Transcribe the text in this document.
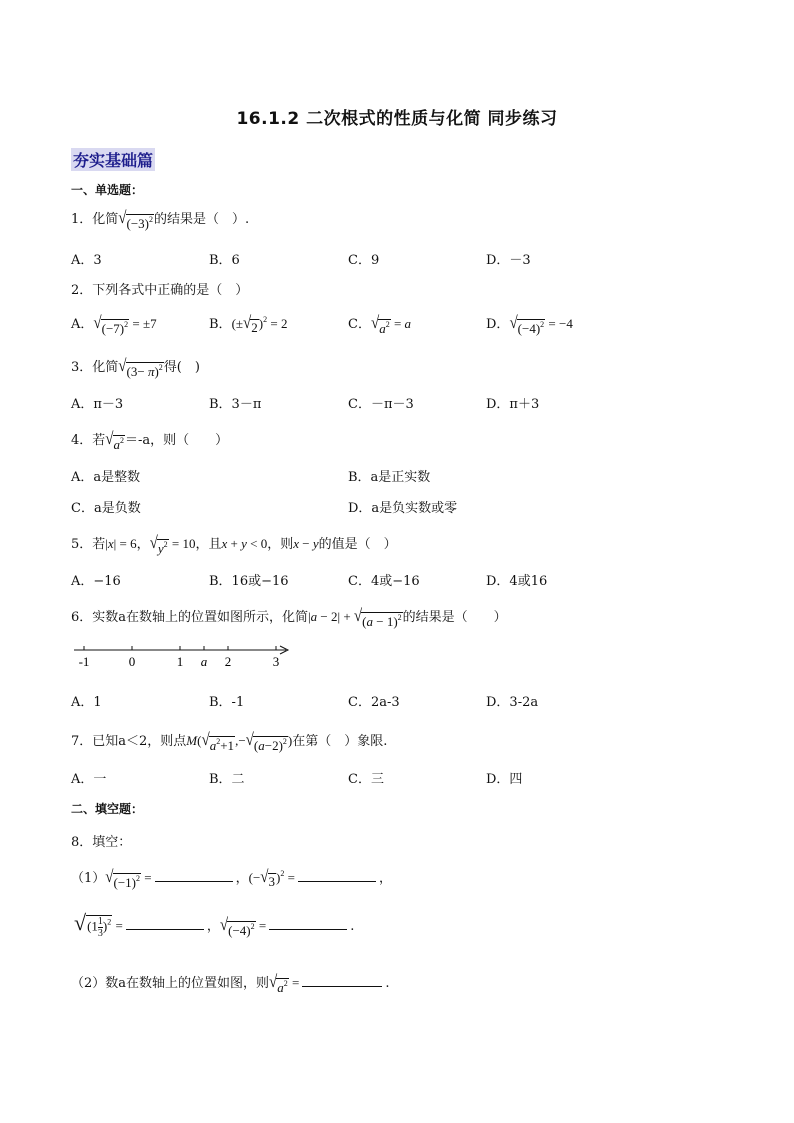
16.1.2 二次根式的性质与化简 同步练习
夯实基础篇
一、单选题：
1．化简 √ $(-3)^2$ 的结果是（　）.
A．3	B．6	C．9	D．－3
2．下列各式中正确的是（　）
A． √ $(-7)^2 = \pm 7$	B．(± √ 2 )$^2$ = 2	C． √ $a^2 = a$	D． √ $(-4)^2 = -4$
3．化简 √ $(3- \pi)^2$ 得(　)
A．π－3	B．3－π	C．－π－3	D．π＋3
4．若 √ $a^2 =-a$，则（　　）
A．a是整数	B．a是正实数
C．a是负数	D．a是负实数或零
5．若|x| = 6， √ $y^2 = 10$，且x + y < 0，则x − y的值是（　）
A．−16	B．16或−16	C．4或−16	D．4或16
6．实数a在数轴上的位置如图所示，化简|a − 2| + √ $(a - 1)^2$ 的结果是（　　）
-1	0	1 a 2	3
A．1	B．-1	C．2a-3	D．3-2a
7．已知a＜2，则点M( √ $a^2+1$ ,− √ $(a-2)^2$ )在第（　）象限.
A．一	B．二	C．三	D．四
二、填空题：
8．填空：
（1） √ $(-1)^2$ =	，(− √ 3 )$^2$ =	，
$√(1 \frac{1}{3} )^2$ =	， √ $(-4)^2$ =	.
（2）数a在数轴上的位置如图，则 √ $a^2$ =	.
